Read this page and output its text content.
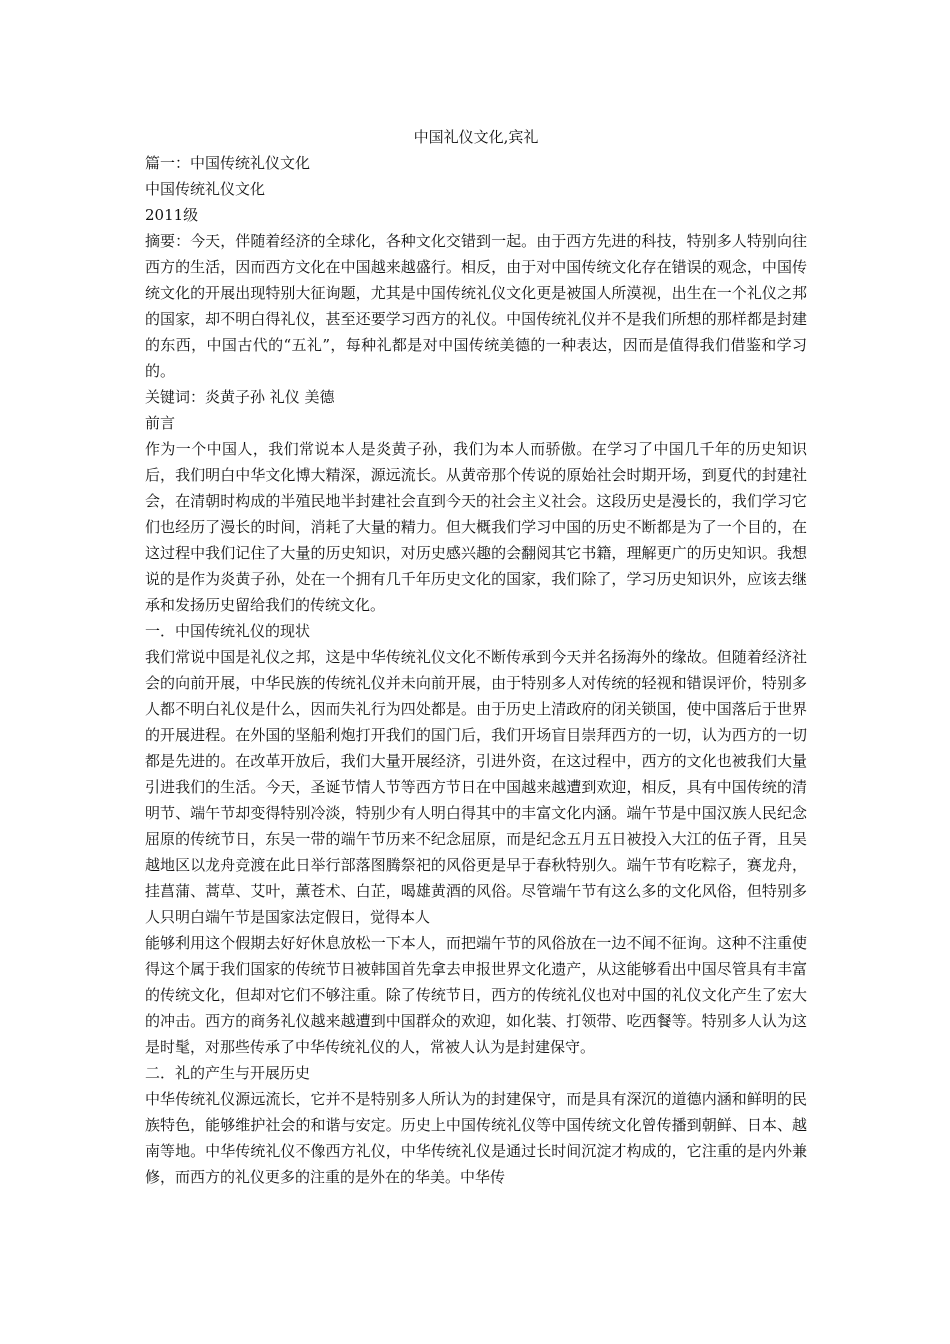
中国礼仪文化,宾礼

篇一：中国传统礼仪文化

中国传统礼仪文化

2011级

摘要：今天，伴随着经济的全球化，各种文化交错到一起。由于西方先进的科技，特别多人特别向往西方的生活，因而西方文化在中国越来越盛行。相反，由于对中国传统文化存在错误的观念，中国传统文化的开展出现特别大征询题，尤其是中国传统礼仪文化更是被国人所漠视，出生在一个礼仪之邦的国家，却不明白得礼仪，甚至还要学习西方的礼仪。中国传统礼仪并不是我们所想的那样都是封建的东西，中国古代的“五礼”，每种礼都是对中国传统美德的一种表达，因而是值得我们借鉴和学习的。

关键词：炎黄子孙 礼仪 美德

前言

作为一个中国人，我们常说本人是炎黄子孙，我们为本人而骄傲。在学习了中国几千年的历史知识后，我们明白中华文化博大精深，源远流长。从黄帝那个传说的原始社会时期开场，到夏代的封建社会，在清朝时构成的半殖民地半封建社会直到今天的社会主义社会。这段历史是漫长的，我们学习它们也经历了漫长的时间，消耗了大量的精力。但大概我们学习中国的历史不断都是为了一个目的，在这过程中我们记住了大量的历史知识，对历史感兴趣的会翻阅其它书籍，理解更广的历史知识。我想说的是作为炎黄子孙，处在一个拥有几千年历史文化的国家，我们除了，学习历史知识外，应该去继承和发扬历史留给我们的传统文化。

一．中国传统礼仪的现状

我们常说中国是礼仪之邦，这是中华传统礼仪文化不断传承到今天并名扬海外的缘故。但随着经济社会的向前开展，中华民族的传统礼仪并未向前开展，由于特别多人对传统的轻视和错误评价，特别多人都不明白礼仪是什么，因而失礼行为四处都是。由于历史上清政府的闭关锁国，使中国落后于世界的开展进程。在外国的坚船利炮打开我们的国门后，我们开场盲目崇拜西方的一切，认为西方的一切都是先进的。在改革开放后，我们大量开展经济，引进外资，在这过程中，西方的文化也被我们大量引进我们的生活。今天，圣诞节情人节等西方节日在中国越来越遭到欢迎，相反，具有中国传统的清明节、端午节却变得特别冷淡，特别少有人明白得其中的丰富文化内涵。端午节是中国汉族人民纪念屈原的传统节日，东吴一带的端午节历来不纪念屈原，而是纪念五月五日被投入大江的伍子胥，且吴越地区以龙舟竞渡在此日举行部落图腾祭祀的风俗更是早于春秋特别久。端午节有吃粽子，赛龙舟，挂菖蒲、蒿草、艾叶，薰苍术、白芷，喝雄黄酒的风俗。尽管端午节有这么多的文化风俗，但特别多人只明白端午节是国家法定假日，觉得本人

能够利用这个假期去好好休息放松一下本人，而把端午节的风俗放在一边不闻不征询。这种不注重使得这个属于我们国家的传统节日被韩国首先拿去申报世界文化遗产，从这能够看出中国尽管具有丰富的传统文化，但却对它们不够注重。除了传统节日，西方的传统礼仪也对中国的礼仪文化产生了宏大的冲击。西方的商务礼仪越来越遭到中国群众的欢迎，如化装、打领带、吃西餐等。特别多人认为这是时髦，对那些传承了中华传统礼仪的人，常被人认为是封建保守。

二．礼的产生与开展历史

中华传统礼仪源远流长，它并不是特别多人所认为的封建保守，而是具有深沉的道德内涵和鲜明的民族特色，能够维护社会的和谐与安定。历史上中国传统礼仪等中国传统文化曾传播到朝鲜、日本、越南等地。中华传统礼仪不像西方礼仪，中华传统礼仪是通过长时间沉淀才构成的，它注重的是内外兼修，而西方的礼仪更多的注重的是外在的华美。中华传
